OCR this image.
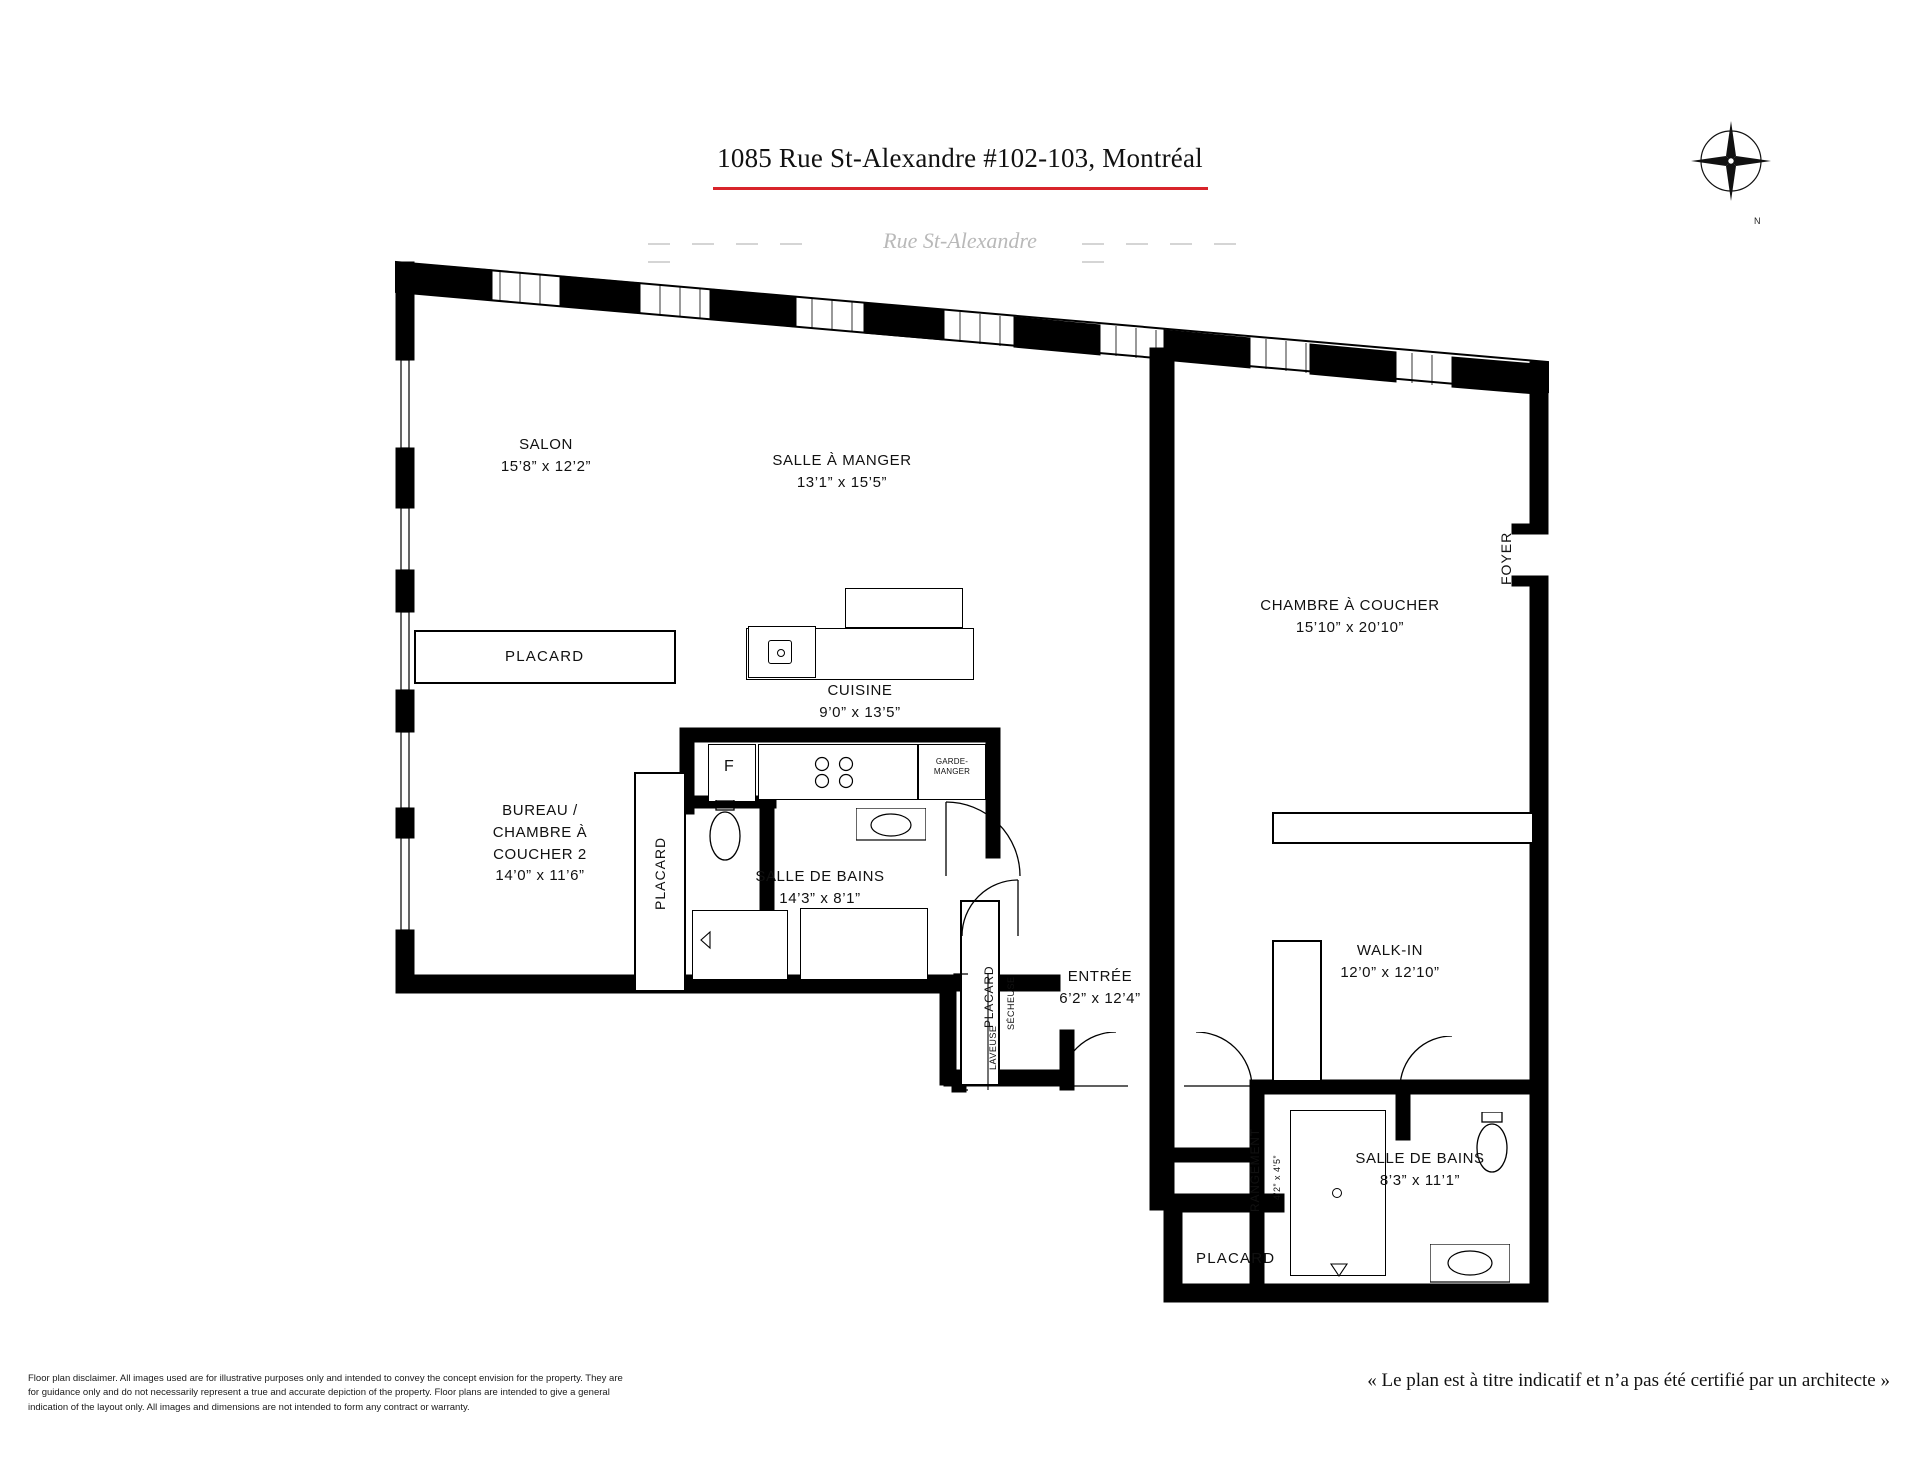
1085 Rue St-Alexandre #102-103, Montréal
Rue St-Alexandre
N
F	GARDE-
MANGER
SALON
15’8” x 12’2”	SALLE À MANGER
13’1” x 15’5”
CUISINE
9’0” x 13’5”
BUREAU /
CHAMBRE À
COUCHER 2
14’0” x 11’6”	SALLE DE BAINS
14’3” x 8’1”
ENTRÉE
6’2” x 12’4”
CHAMBRE À COUCHER
15’10” x 20’10”
WALK-IN
12’0” x 12’10”
SALLE DE BAINS
8’3” x 11’1”
PLACARD
PLACARD
PLACARD
PLACARD
FOYER
LAVEUSE
SÉCHEUSE
RANGEMENT 4’2” x 4’5”
Floor plan disclaimer. All images used are for illustrative purposes only and intended to convey the concept envision for the property. They are for guidance only and do not necessarily represent a true and accurate depiction of the property. Floor plans are intended to give a general indication of the layout only. All images and dimensions are not intended to form any contract or warranty.
« Le plan est à titre indicatif et n’a pas été certifié par un architecte »
